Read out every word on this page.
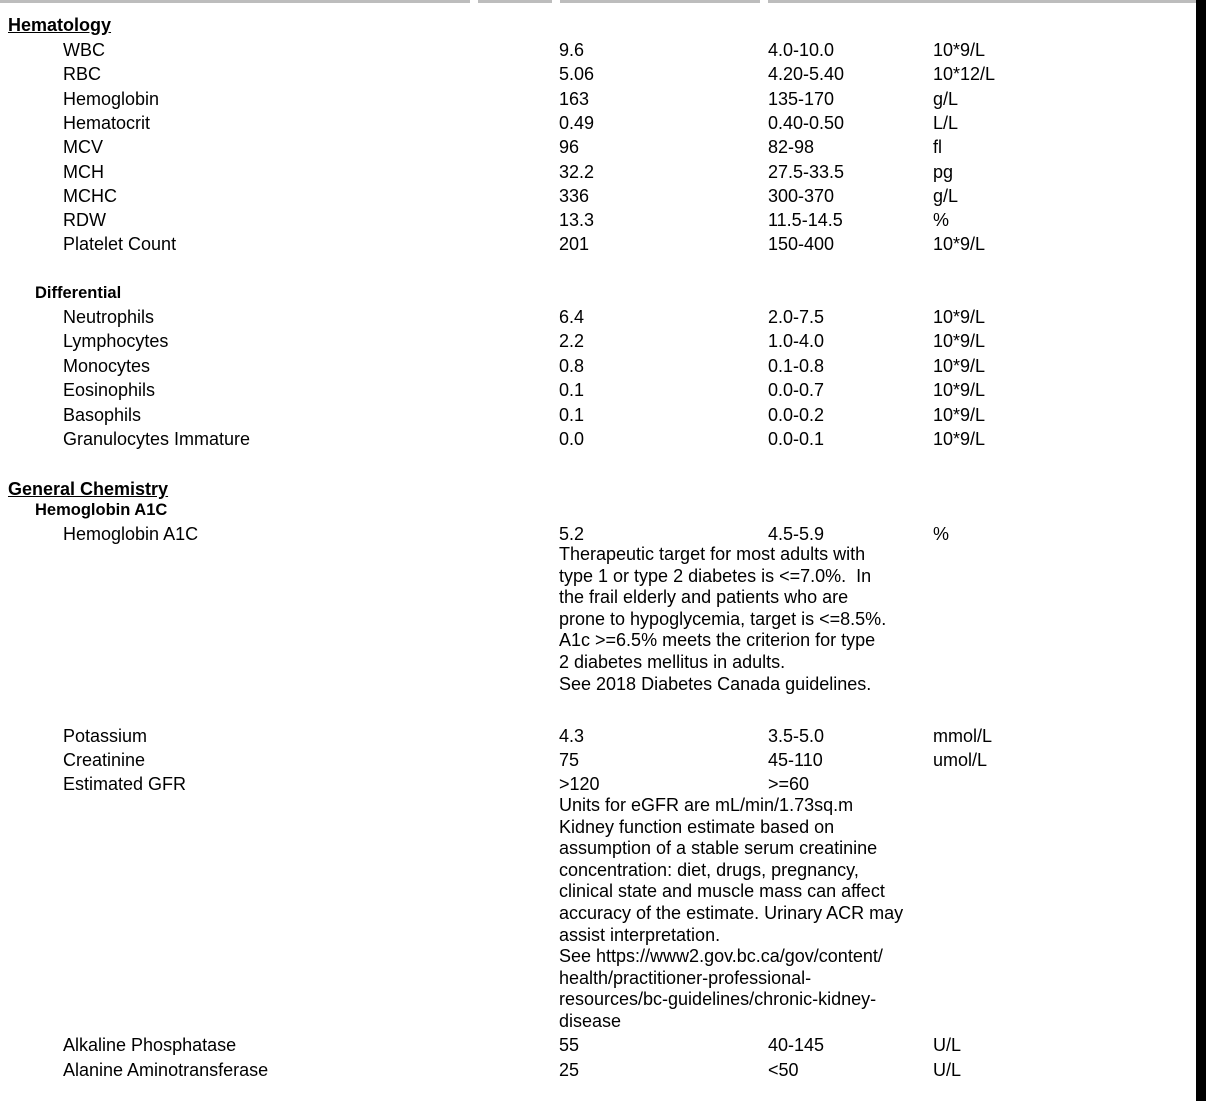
Hematology
WBC	9.6	4.0-10.0	10*9/L
RBC	5.06	4.20-5.40	10*12/L
Hemoglobin	163	135-170	g/L
Hematocrit	0.49	0.40-0.50	L/L
MCV	96	82-98	fl
MCH	32.2	27.5-33.5	pg
MCHC	336	300-370	g/L
RDW	13.3	11.5-14.5	%
Platelet Count	201	150-400	10*9/L
Differential
Neutrophils	6.4	2.0-7.5	10*9/L
Lymphocytes	2.2	1.0-4.0	10*9/L
Monocytes	0.8	0.1-0.8	10*9/L
Eosinophils	0.1	0.0-0.7	10*9/L
Basophils	0.1	0.0-0.2	10*9/L
Granulocytes Immature	0.0	0.0-0.1	10*9/L
General Chemistry
Hemoglobin A1C
Hemoglobin A1C	5.2	4.5-5.9	%
Therapeutic target for most adults with
type 1 or type 2 diabetes is <=7.0%.  In
the frail elderly and patients who are
prone to hypoglycemia, target is <=8.5%.
A1c >=6.5% meets the criterion for type
2 diabetes mellitus in adults.
See 2018 Diabetes Canada guidelines.
Potassium	4.3	3.5-5.0	mmol/L
Creatinine	75	45-110	umol/L
Estimated GFR	>120	>=60
Units for eGFR are mL/min/1.73sq.m
Kidney function estimate based on
assumption of a stable serum creatinine
concentration: diet, drugs, pregnancy,
clinical state and muscle mass can affect
accuracy of the estimate. Urinary ACR may
assist interpretation.
See https://www2.gov.bc.ca/gov/content/
health/practitioner-professional-
resources/bc-guidelines/chronic-kidney-
disease
Alkaline Phosphatase	55	40-145	U/L
Alanine Aminotransferase	25	<50	U/L
